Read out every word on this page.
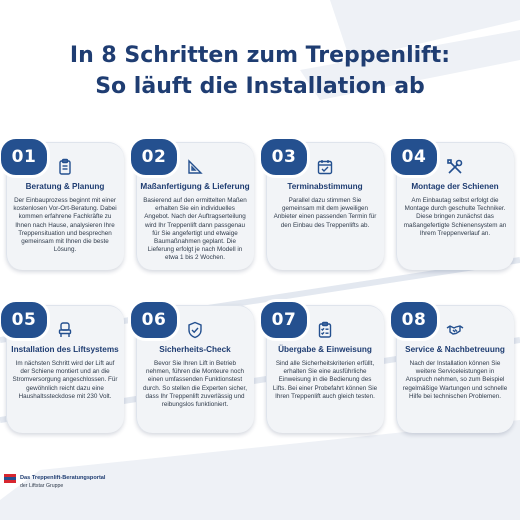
In 8 Schritten zum Treppenlift:
So läuft die Installation ab
01
Beratung & Planung
Der Einbauprozess beginnt mit einer kostenlosen Vor-Ort-Beratung. Dabei kommen erfahrene Fachkräfte zu Ihnen nach Hause, analysieren Ihre Treppensituation und besprechen gemeinsam mit Ihnen die beste Lösung.
02
Maßanfertigung & Lieferung
Basierend auf den ermittelten Maßen erhalten Sie ein individuelles Angebot. Nach der Auftragserteilung wird Ihr Treppenlift dann passgenau für Sie angefertigt und etwaige Baumaßnahmen geplant. Die Lieferung erfolgt je nach Modell in etwa 1 bis 2 Wochen.
03
Terminabstimmung
Parallel dazu stimmen Sie gemeinsam mit dem jeweiligen Anbieter einen passenden Termin für den Einbau des Treppenlifts ab.
04
Montage der Schienen
Am Einbautag selbst erfolgt die Montage durch geschulte Techniker. Diese bringen zunächst das maßangefertigte Schienensystem an Ihrem Treppenverlauf an.
05
Installation des Liftsystems
Im nächsten Schritt wird der Lift auf der Schiene montiert und an die Stromversorgung angeschlossen. Für gewöhnlich reicht dazu eine Haushaltssteckdose mit 230 Volt.
06
Sicherheits-Check
Bevor Sie Ihren Lift in Betrieb nehmen, führen die Monteure noch einen umfassenden Funktionstest durch. So stellen die Experten sicher, dass Ihr Treppenlift zuverlässig und reibungslos funktioniert.
07
Übergabe & Einweisung
Sind alle Sicherheitskriterien erfüllt, erhalten Sie eine ausführliche Einweisung in die Bedienung des Lifts. Bei einer Probefahrt können Sie Ihren Treppenlift auch gleich testen.
08
Service & Nachbetreuung
Nach der Installation können Sie weitere Serviceleistungen in Anspruch nehmen, so zum Beispiel regelmäßige Wartungen und schnelle Hilfe bei technischen Problemen.
Das Treppenlift-Beratungsportal
der Liftstar Gruppe
